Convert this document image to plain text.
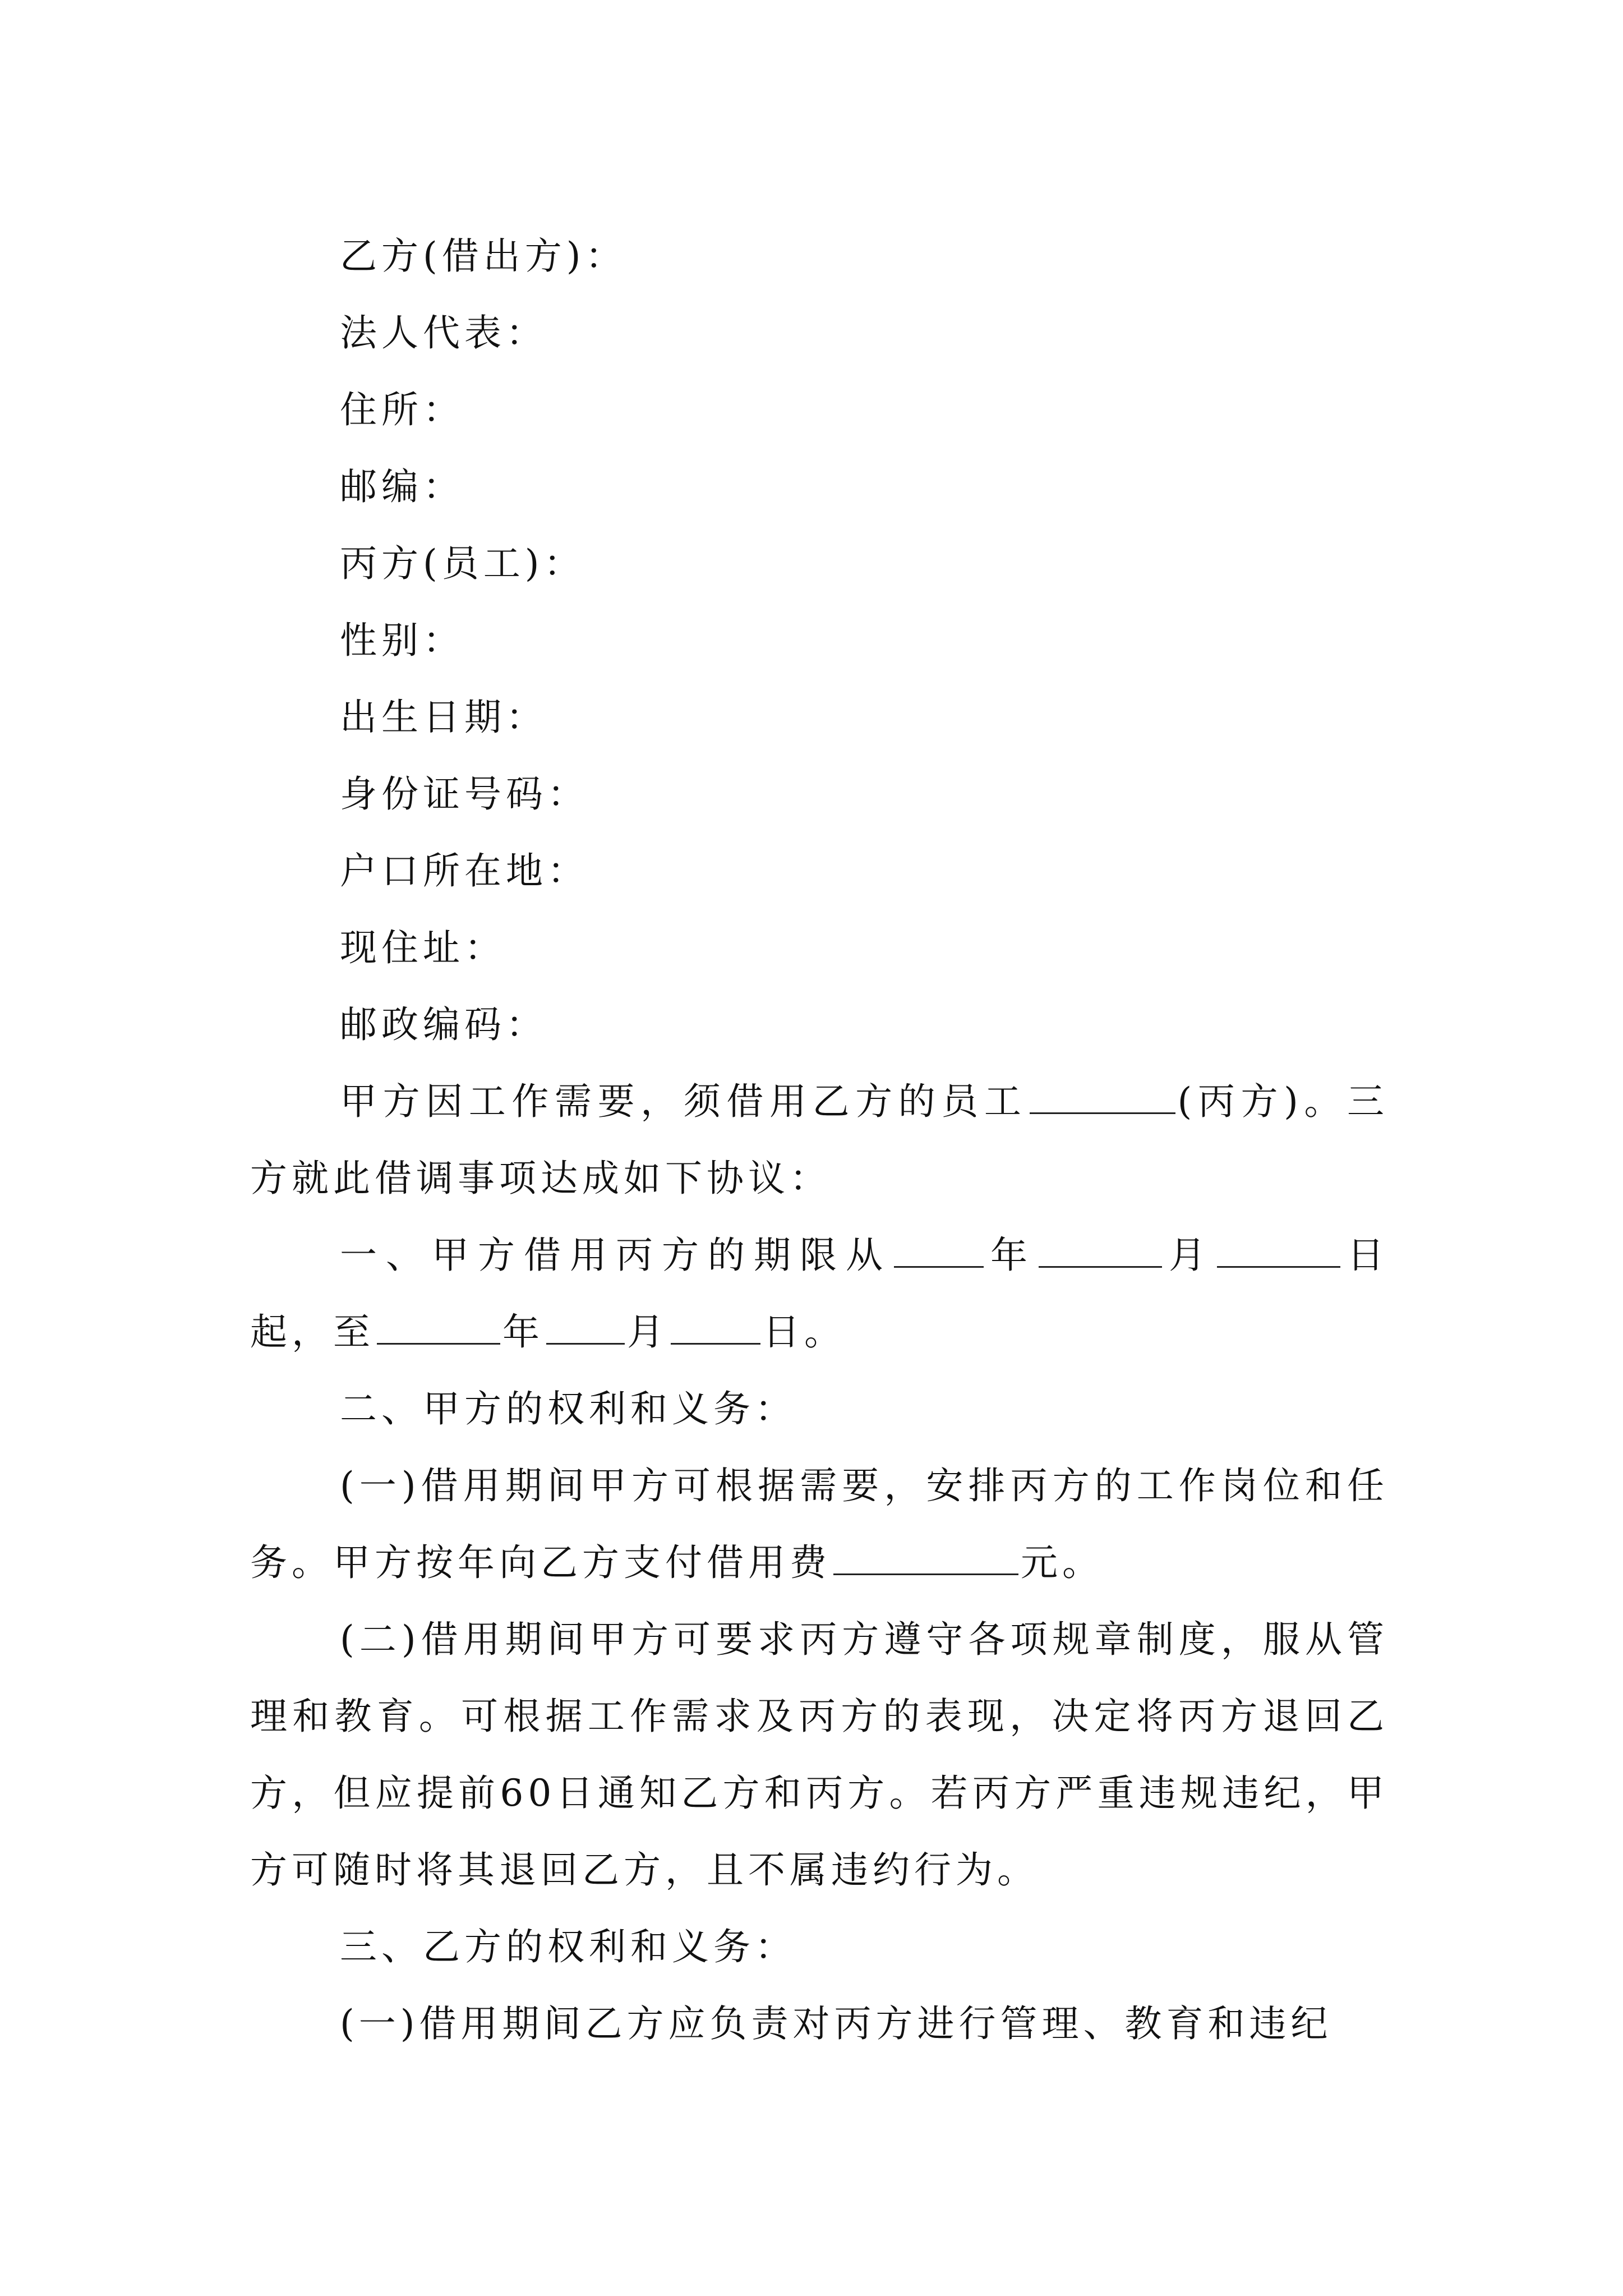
乙方(借出方)：
法人代表：
住所：
邮编：
丙方(员工)：
性别：
出生日期：
身份证号码：
户口所在地：
现住址：
邮政编码：
甲方因工作需要，须借用乙方的员工	(丙方)。三方就此借调事项达成如下协议：
一、甲方借用丙方的期限从	年	月	日起，至	年 月	日。
二、甲方的权利和义务：
(一)借用期间甲方可根据需要，安排丙方的工作岗位和任务。甲方按年向乙方支付借用费	元。
(二)借用期间甲方可要求丙方遵守各项规章制度，服从管理和教育。可根据工作需求及丙方的表现，决定将丙方退回乙方，但应提前60日通知乙方和丙方。若丙方严重违规违纪，甲方可随时将其退回乙方，且不属违约行为。
三、乙方的权利和义务：
(一)借用期间乙方应负责对丙方进行管理、教育和违纪
